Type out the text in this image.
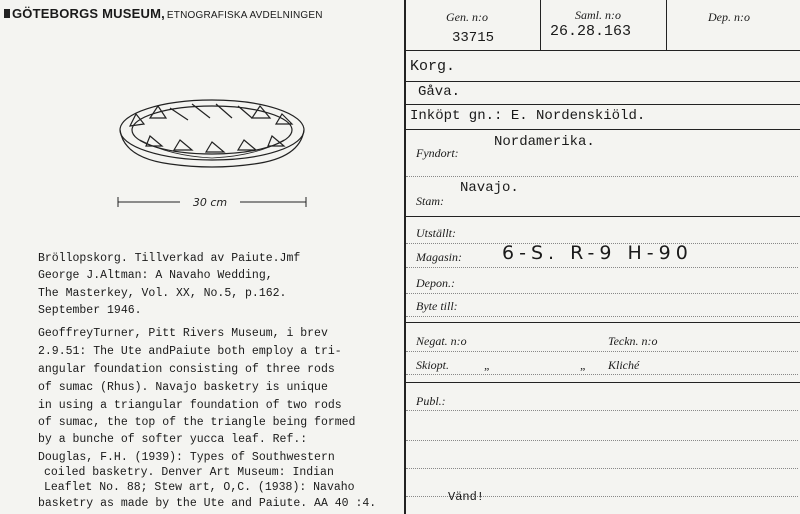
GÖTEBORGS MUSEUM, ETNOGRAFISKA AVDELNINGEN
30 cm
Bröllopskorg. Tillverkad av Paiute.Jmf
George J.Altman: A Navaho Wedding,
The Masterkey, Vol. XX, No.5, p.162.
September 1946.
GeoffreyTurner, Pitt Rivers Museum, i brev
2.9.51: The Ute andPaiute both employ a tri-
angular foundation consisting of three rods
of sumac (Rhus). Navajo basketry is unique
in using a triangular foundation of two rods
of sumac, the top of the triangle being formed
by a bunche of softer yucca leaf. Ref.:
Douglas, F.H. (1939): Types of Southwestern
coiled basketry. Denver Art Museum: Indian
Leaflet No. 88; Stew art, O,C. (1938): Navaho
basketry as made by the Ute and Paiute. AA 40 :4.
Gen. n:o
33715
Saml. n:o
26.28.163
Dep. n:o
Korg.
Gåva.
Inköpt gn.: E. Nordenskiöld.
Fyndort:
Nordamerika.
Stam:
Navajo.
Utställt:
Magasin: 6-S. R-9 H-90
Depon.:
Byte till:
Negat. n:o	Teckn. n:o
Skiopt.	„	„ Kliché
Publ.:
Vänd!
